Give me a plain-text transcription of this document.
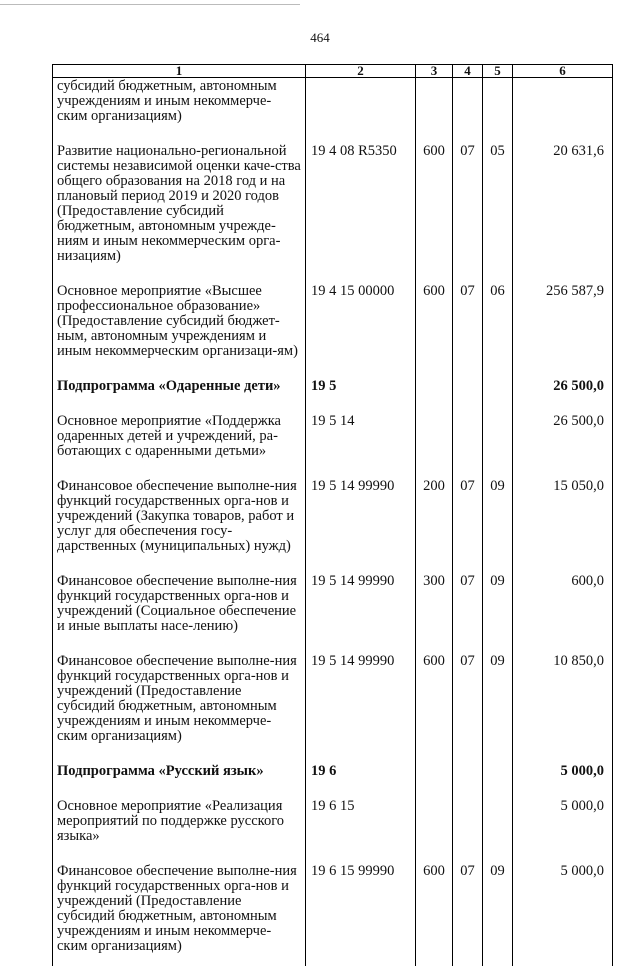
464
1	2	3	4	5	6
субсидий бюджетным, автономным учреждениям и иным некоммерче-ским организациям)					
Развитие национально-региональной системы независимой оценки каче-ства общего образования на 2018 год и на плановый период 2019 и 2020 годов (Предоставление субсидий бюджетным, автономным учрежде-ниям и иным некоммерческим орга-низациям)	19 4 08 R5350	600	07	05	20 631,6
Основное мероприятие «Высшее профессиональное образование» (Предоставление субсидий бюджет-ным, автономным учреждениям и иным некоммерческим организаци-ям)	19 4 15 00000	600	07	06	256 587,9
Подпрограмма «Одаренные дети»	19 5				26 500,0
Основное мероприятие «Поддержка одаренных детей и учреждений, ра-ботающих с одаренными детьми»	19 5 14				26 500,0
Финансовое обеспечение выполне-ния функций государственных орга-нов и учреждений (Закупка товаров, работ и услуг для обеспечения госу-дарственных (муниципальных) нужд)	19 5 14 99990	200	07	09	15 050,0
Финансовое обеспечение выполне-ния функций государственных орга-нов и учреждений (Социальное обеспечение и иные выплаты насе-лению)	19 5 14 99990	300	07	09	600,0
Финансовое обеспечение выполне-ния функций государственных орга-нов и учреждений (Предоставление субсидий бюджетным, автономным учреждениям и иным некоммерче-ским организациям)	19 5 14 99990	600	07	09	10 850,0
Подпрограмма «Русский язык»	19 6				5 000,0
Основное мероприятие «Реализация мероприятий по поддержке русского языка»	19 6 15				5 000,0
Финансовое обеспечение выполне-ния функций государственных орга-нов и учреждений (Предоставление субсидий бюджетным, автономным учреждениям и иным некоммерче-ским организациям)	19 6 15 99990	600	07	09	5 000,0
